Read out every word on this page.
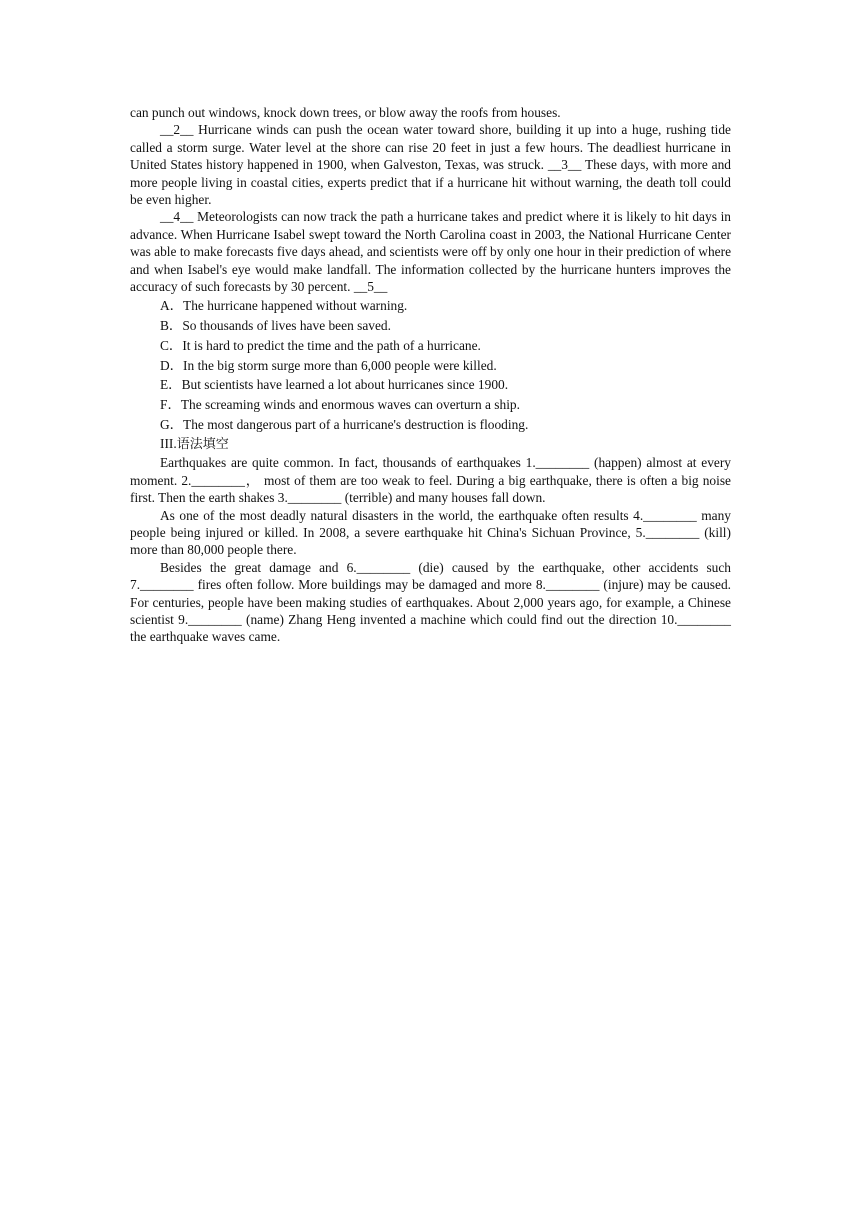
can punch out windows, knock down trees, or blow away the roofs from houses.

__2__ Hurricane winds can push the ocean water toward shore, building it up into a huge, rushing tide called a storm surge. Water level at the shore can rise 20 feet in just a few hours. The deadliest hurricane in United States history happened in 1900, when Galveston, Texas, was struck. __3__ These days, with more and more people living in coastal cities, experts predict that if a hurricane hit without warning, the death toll could be even higher.

__4__ Meteorologists can now track the path a hurricane takes and predict where it is likely to hit days in advance. When Hurricane Isabel swept toward the North Carolina coast in 2003, the National Hurricane Center was able to make forecasts five days ahead, and scientists were off by only one hour in their prediction of where and when Isabel's eye would make landfall. The information collected by the hurricane hunters improves the accuracy of such forecasts by 30 percent. __5__

A．The hurricane happened without warning.

B．So thousands of lives have been saved.

C．It is hard to predict the time and the path of a hurricane.

D．In the big storm surge more than 6,000 people were killed.

E．But scientists have learned a lot about hurricanes since 1900.

F．The screaming winds and enormous waves can overturn a ship.

G．The most dangerous part of a hurricane's destruction is flooding.

III.语法填空

Earthquakes are quite common. In fact, thousands of earthquakes 1.________ (happen) almost at every moment. 2.________， most of them are too weak to feel. During a big earthquake, there is often a big noise first. Then the earth shakes 3.________ (terrible) and many houses fall down.

As one of the most deadly natural disasters in the world, the earthquake often results 4.________ many people being injured or killed. In 2008, a severe earthquake hit China's Sichuan Province, 5.________ (kill) more than 80,000 people there.

Besides the great damage and 6.________ (die) caused by the earthquake, other accidents such 7.________ fires often follow. More buildings may be damaged and more 8.________ (injure) may be caused. For centuries, people have been making studies of earthquakes. About 2,000 years ago, for example, a Chinese scientist 9.________ (name) Zhang Heng invented a machine which could find out the direction 10.________ the earthquake waves came.
